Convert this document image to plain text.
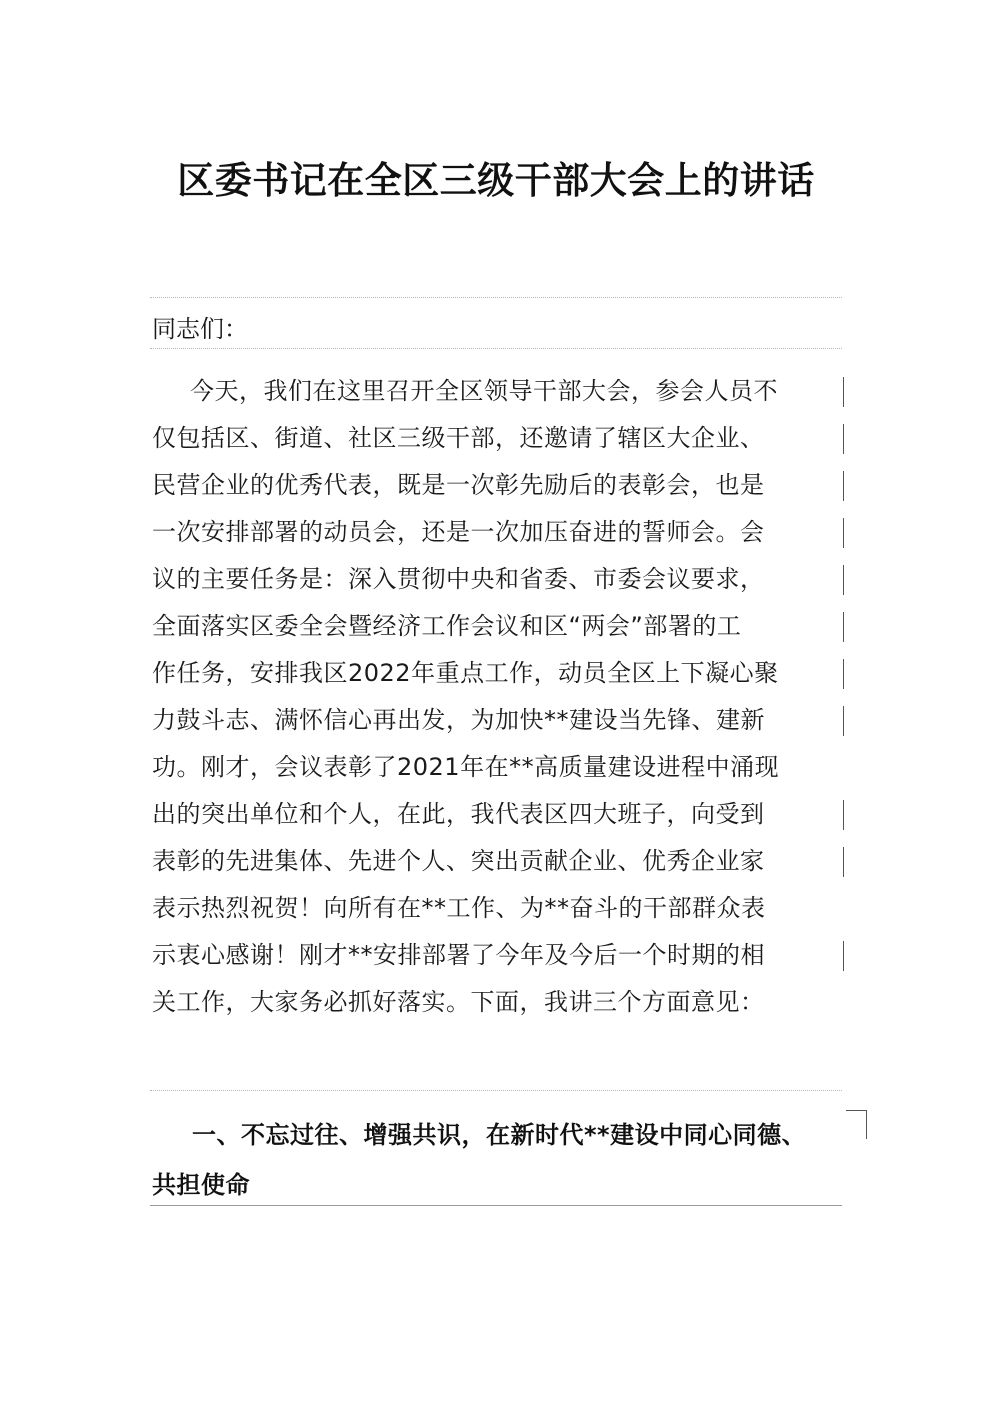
区委书记在全区三级干部大会上的讲话
同志们：
今天，我们在这里召开全区领导干部大会，参会人员不
仅包括区、街道、社区三级干部，还邀请了辖区大企业、
民营企业的优秀代表，既是一次彰先励后的表彰会，也是
一次安排部署的动员会，还是一次加压奋进的誓师会。会
议的主要任务是：深入贯彻中央和省委、市委会议要求，
全面落实区委全会暨经济工作会议和区“两会”部署的工
作任务，安排我区2022年重点工作，动员全区上下凝心聚
力鼓斗志、满怀信心再出发，为加快**建设当先锋、建新
功。刚才，会议表彰了2021年在**高质量建设进程中涌现
出的突出单位和个人，在此，我代表区四大班子，向受到
表彰的先进集体、先进个人、突出贡献企业、优秀企业家
表示热烈祝贺！向所有在**工作、为**奋斗的干部群众表
示衷心感谢！刚才**安排部署了今年及今后一个时期的相
关工作，大家务必抓好落实。下面，我讲三个方面意见：
一、不忘过往、增强共识，在新时代**建设中同心同德、
共担使命
